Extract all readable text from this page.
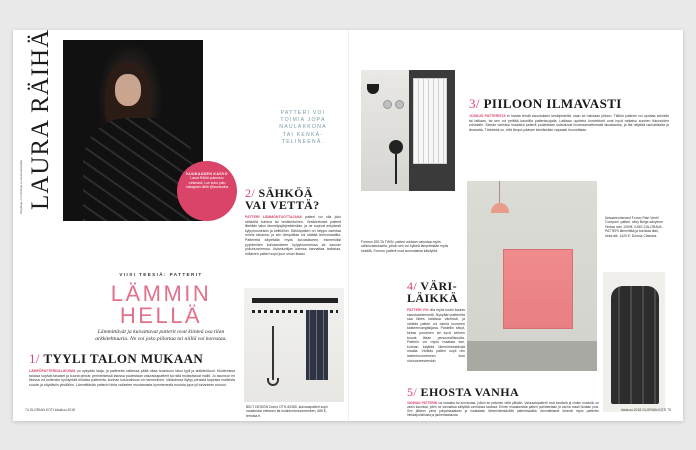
LAURA RÄIHÄ
Kirjoittaja on toimittaja ja sisustuskirjailija	KUUKAUDEN KASVO
Laura Räihä pukeutuu rohkeasti. Lue koko juttu Instagram-tililtä @lauraraiha
PATTERI VOI TOIMIA JOPA NAULAKKONA TAI KENKÄ-TELINEENÄ.
2/ SÄHKÖÄ
VAI VETTÄ?
PATTERI LÄMMÖNTUOTTAJANA patteri voi olla joko sähköllä toimiva tai vesikiertoinen. Vesikiertoiset patterit liitetään talon lämmitysjärjestelmään, ja ne sopivat erityisesti kylpyhuoneisiin ja keittiöihin. Sähköpatteri on helppo asentaa minne tahansa, ja sen lämpötilaa voi säätää termostaatilla. Pattereita käytetään myös kuivatukseen, esimerkiksi pyyhkeiden kuivaamiseen kylpyhuoneessa tai saunan pukuhuoneessa. Asiantuntijan kanssa kannattaa tarkistaa, millainen patteri sopii juuri sinun tilaasi.
VIISI TEESIÄ: PATTERIT
LÄMMIN
HELLÄ
Lämmittävät ja kuivattavat patterit ovat kiinteä osa tilan arkkitehtuuria. Ne voi joko piilottaa tai niillä voi korostaa.
1/ TYYLI TALON MUKAAN
LÄMPÖPATTERIVALIKOIMA on nykyään laaja, ja pattereita valitessa pitää ottaa huomioon talon tyyli ja arkkitehtuuri. Modernissa talossa sopivat tasaiset ja suorat pinnat, perinteisessä talossa puolestaan valurautapatterit tai niitä muistuttavat mallit. Jo asunnon eri tiloissa voi kuitenkin hyödyntää erilaisia pattereita, kunhan kokonaisuus on harmoninen. Valikoimaa löytyy pienistä kapeista malleista suuriin ja näyttäviin yksilöihin. Lämmittävän patterin hinta vaihtelee muutamasta kymmenestä eurosta jopa yli tuhanteen euroon.
BELT DESIGN Domo OTH-50365 -kuivauspatteri sopii naulakoksi eteiseen tai kodinhoitohuoneeseen, 685 €, tetrosta.fi.
74 GLORIAN KOTI lokakuu 2018
Formon DELTA TWIN -patteri voidaan varustaa myös sähkövastuksella, jolloin sen voi kytkeä lämpiämään myös kesällä. Formon patterit ovat suomalaista käsityötä.
3/ PIILOON ILMAVASTI
JOSKUS PATTERISTA ei haluta tehdä sisustuksen keskipistettä, vaan se halutaan piiloon. Tällöin patterin voi upottaa seinään tai lattiaan, tai sen voi peittää kauniilla patterisuojalla. Lattiaan upotetut konvektorit ovat hyvä ratkaisu suurten ikkunoiden edustalle. Seinän värisiksi maalatut patterit puolestaan sulautuvat huomaamattomasti taustaansa, ja tila näyttää rauhalliselta ja ilmavalta. Tärkeintä on, että lämpö pääsee kiertämään vapaasti huonetilaan.
4/ VÄRI-
LÄIKKÄ
PATTERI VOI olla myös kodin kaunis sisustuselementti. Nykyään pattereita saa lähes kaikissa väreissä, ja värikäs patteri voi toimia huoneen katseenvangitsijana. Pastellin sävyt, kirkas punainen tai syvä sininen tuovat tilaan persoonallisuutta. Patterin voi myös maalata itse, kunhan käyttää lämmönkestävää maalia. Värikäs patteri sopii niin lastenhuoneeseen kuin olohuoneeseenkin.
Nosaanrohenzed Formo Plan Ventil Compact -patteri, sävy Beige-sävyinen Hintaa noin 1000€. KING CALORAVA -PATTERI lämmittää ja koristaa tilan, hinta alk. 1420 €, Domus Classica.
5/ EHOSTA VANHA
VANHAN PATTERIN voi maalata tai kunnostaa, jolloin se palvelee vielä pitkään. Valurautapatterit ovat kestäviä ja niiden muotoilu on usein kaunista, joten ne kannattaa säilyttää vanhoissa taloissa. Ennen maalaamista patteri puhdistetaan ja vanha maali hiotaan pois. Sen jälkeen pinta pohjamaalataan ja maalataan lämmönkestävällä patterimaalilla. Ammattilaiset tekevät myös patterien hiekkapuhallusta ja jauhemaalausta.
lokakuu 2018 GLORIAN KOTI 75
